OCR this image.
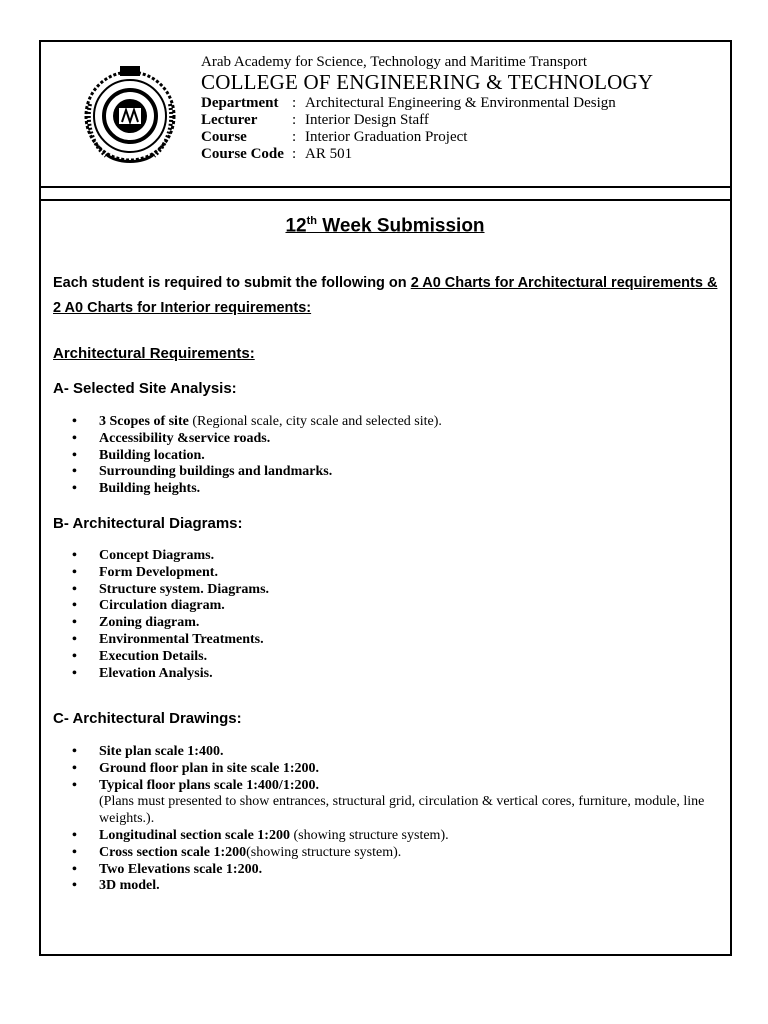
Arab Academy for Science, Technology and Maritime Transport
COLLEGE OF ENGINEERING & TECHNOLOGY
Department : Architectural Engineering & Environmental Design
Lecturer	: Interior Design Staff
Course	: Interior Graduation Project
Course Code : AR 501
12th Week Submission
Each student is required to submit the following on 2 A0 Charts for Architectural requirements & 2 A0 Charts for Interior requirements:
Architectural Requirements:
A- Selected Site Analysis:
• 3 Scopes of site (Regional scale, city scale and selected site).
• Accessibility &service roads.
• Building location.
• Surrounding buildings and landmarks.
• Building heights.
B- Architectural Diagrams:
• Concept Diagrams.
• Form Development.
• Structure system. Diagrams.
• Circulation diagram.
• Zoning diagram.
• Environmental Treatments.
• Execution Details.
• Elevation Analysis.
C- Architectural Drawings:
• Site plan scale 1:400.
• Ground floor plan in site scale 1:200.
• Typical floor plans scale 1:400/1:200.
(Plans must presented to show entrances, structural grid, circulation & vertical cores, furniture, module, line weights.).
• Longitudinal section scale 1:200 (showing structure system).
• Cross section scale 1:200(showing structure system).
• Two Elevations scale 1:200.
• 3D model.
